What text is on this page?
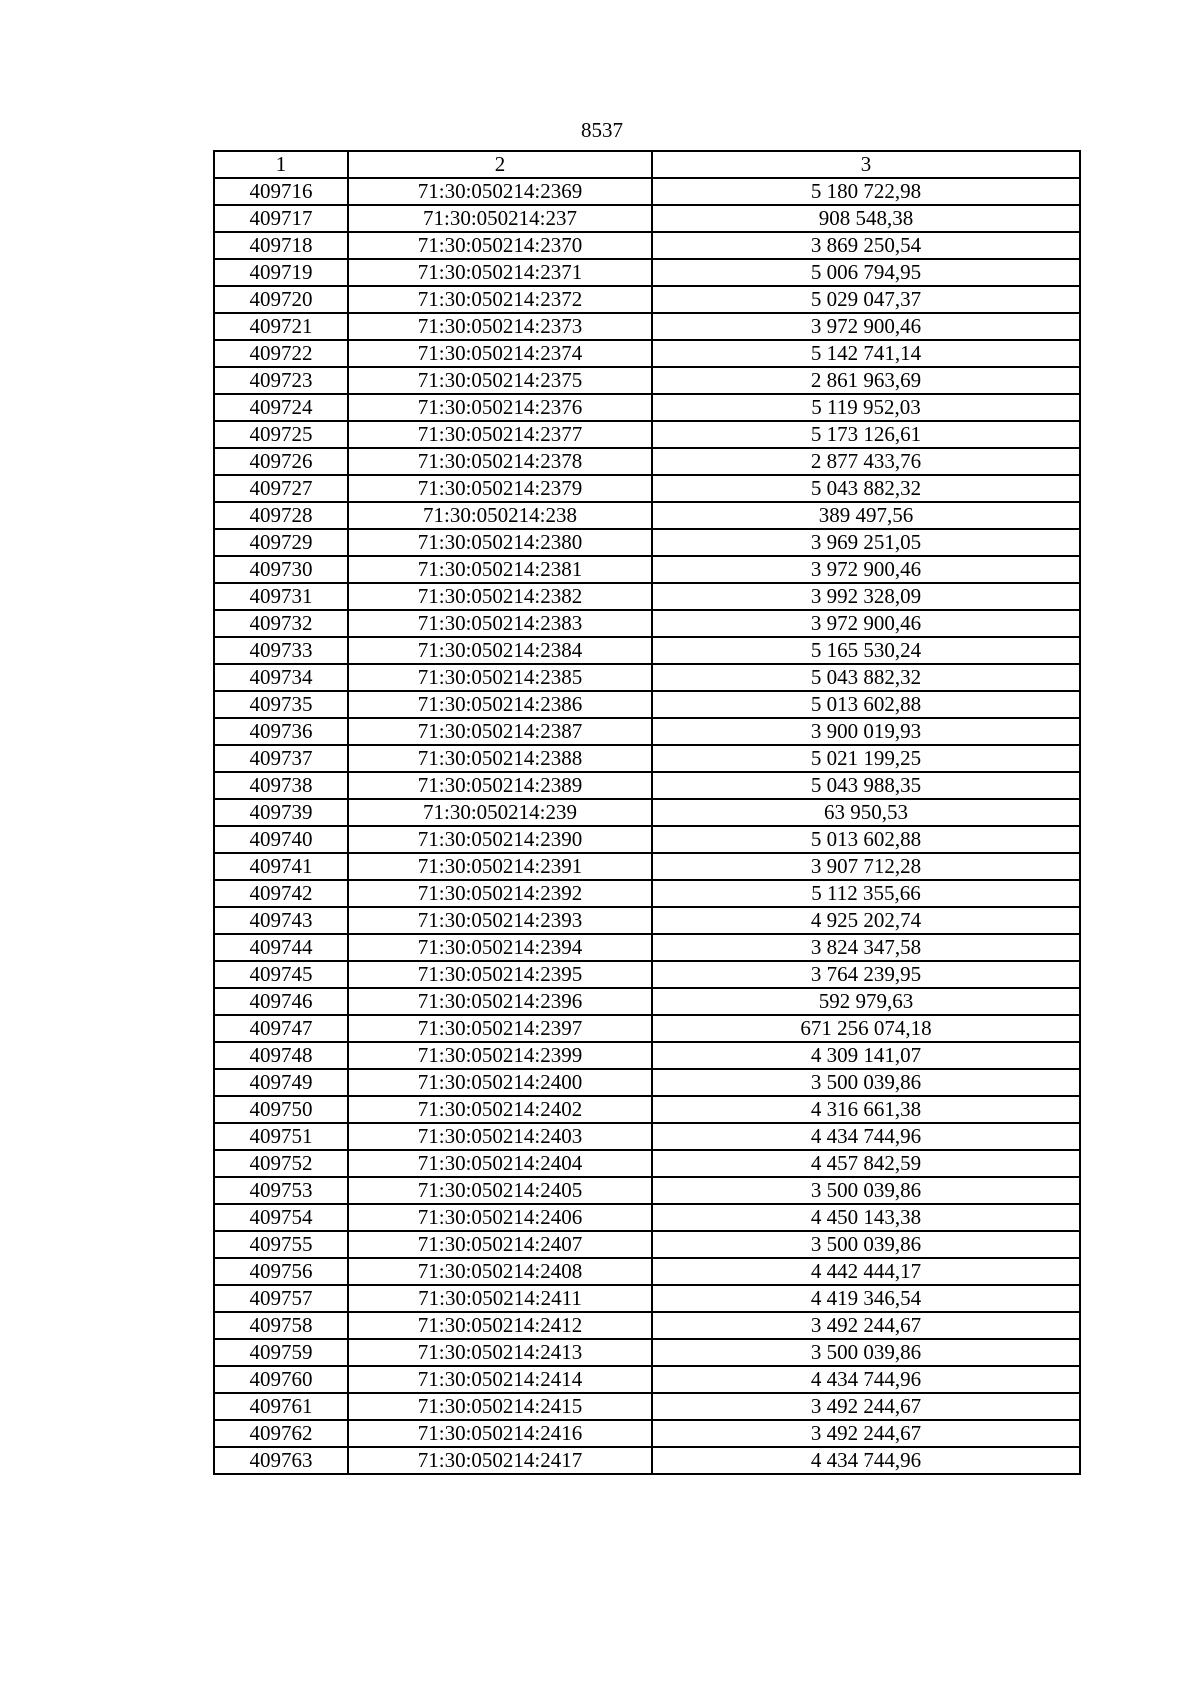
8537
1	2	3
409716	71:30:050214:2369	5 180 722,98
409717	71:30:050214:237	908 548,38
409718	71:30:050214:2370	3 869 250,54
409719	71:30:050214:2371	5 006 794,95
409720	71:30:050214:2372	5 029 047,37
409721	71:30:050214:2373	3 972 900,46
409722	71:30:050214:2374	5 142 741,14
409723	71:30:050214:2375	2 861 963,69
409724	71:30:050214:2376	5 119 952,03
409725	71:30:050214:2377	5 173 126,61
409726	71:30:050214:2378	2 877 433,76
409727	71:30:050214:2379	5 043 882,32
409728	71:30:050214:238	389 497,56
409729	71:30:050214:2380	3 969 251,05
409730	71:30:050214:2381	3 972 900,46
409731	71:30:050214:2382	3 992 328,09
409732	71:30:050214:2383	3 972 900,46
409733	71:30:050214:2384	5 165 530,24
409734	71:30:050214:2385	5 043 882,32
409735	71:30:050214:2386	5 013 602,88
409736	71:30:050214:2387	3 900 019,93
409737	71:30:050214:2388	5 021 199,25
409738	71:30:050214:2389	5 043 988,35
409739	71:30:050214:239	63 950,53
409740	71:30:050214:2390	5 013 602,88
409741	71:30:050214:2391	3 907 712,28
409742	71:30:050214:2392	5 112 355,66
409743	71:30:050214:2393	4 925 202,74
409744	71:30:050214:2394	3 824 347,58
409745	71:30:050214:2395	3 764 239,95
409746	71:30:050214:2396	592 979,63
409747	71:30:050214:2397	671 256 074,18
409748	71:30:050214:2399	4 309 141,07
409749	71:30:050214:2400	3 500 039,86
409750	71:30:050214:2402	4 316 661,38
409751	71:30:050214:2403	4 434 744,96
409752	71:30:050214:2404	4 457 842,59
409753	71:30:050214:2405	3 500 039,86
409754	71:30:050214:2406	4 450 143,38
409755	71:30:050214:2407	3 500 039,86
409756	71:30:050214:2408	4 442 444,17
409757	71:30:050214:2411	4 419 346,54
409758	71:30:050214:2412	3 492 244,67
409759	71:30:050214:2413	3 500 039,86
409760	71:30:050214:2414	4 434 744,96
409761	71:30:050214:2415	3 492 244,67
409762	71:30:050214:2416	3 492 244,67
409763	71:30:050214:2417	4 434 744,96
